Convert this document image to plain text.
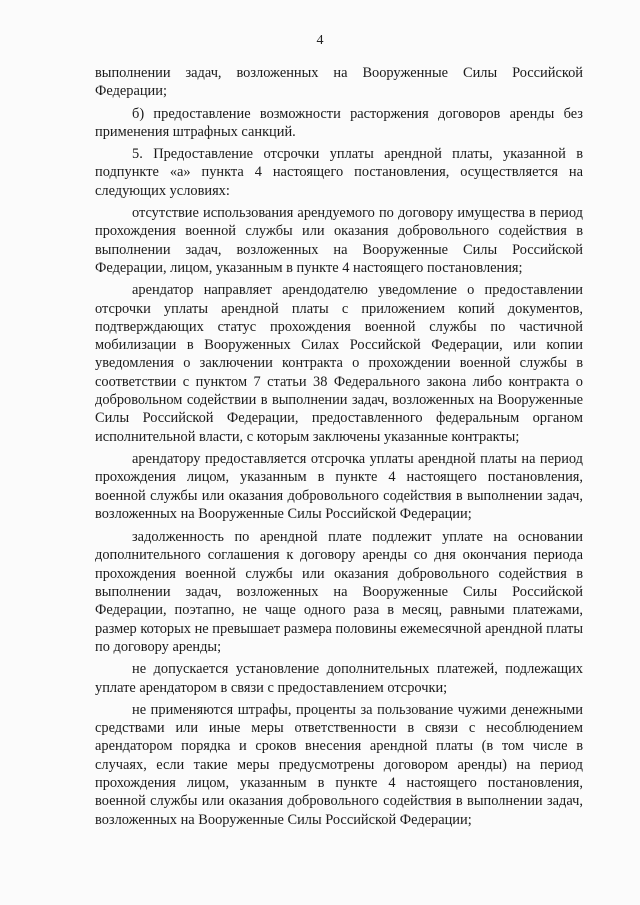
4

выполнении задач, возложенных на Вооруженные Силы Российской Федерации;

б) предоставление возможности расторжения договоров аренды без применения штрафных санкций.

5. Предоставление отсрочки уплаты арендной платы, указанной в подпункте «а» пункта 4 настоящего постановления, осуществляется на следующих условиях:

отсутствие использования арендуемого по договору имущества в период прохождения военной службы или оказания добровольного содействия в выполнении задач, возложенных на Вооруженные Силы Российской Федерации, лицом, указанным в пункте 4 настоящего постановления;

арендатор направляет арендодателю уведомление о предоставлении отсрочки уплаты арендной платы с приложением копий документов, подтверждающих статус прохождения военной службы по частичной мобилизации в Вооруженных Силах Российской Федерации, или копии уведомления о заключении контракта о прохождении военной службы в соответствии с пунктом 7 статьи 38 Федерального закона либо контракта о добровольном содействии в выполнении задач, возложенных на Вооруженные Силы Российской Федерации, предоставленного федеральным органом исполнительной власти, с которым заключены указанные контракты;

арендатору предоставляется отсрочка уплаты арендной платы на период прохождения лицом, указанным в пункте 4 настоящего постановления, военной службы или оказания добровольного содействия в выполнении задач, возложенных на Вооруженные Силы Российской Федерации;

задолженность по арендной плате подлежит уплате на основании дополнительного соглашения к договору аренды со дня окончания периода прохождения военной службы или оказания добровольного содействия в выполнении задач, возложенных на Вооруженные Силы Российской Федерации, поэтапно, не чаще одного раза в месяц, равными платежами, размер которых не превышает размера половины ежемесячной арендной платы по договору аренды;

не допускается установление дополнительных платежей, подлежащих уплате арендатором в связи с предоставлением отсрочки;

не применяются штрафы, проценты за пользование чужими денежными средствами или иные меры ответственности в связи с несоблюдением арендатором порядка и сроков внесения арендной платы (в том числе в случаях, если такие меры предусмотрены договором аренды) на период прохождения лицом, указанным в пункте 4 настоящего постановления, военной службы или оказания добровольного содействия в выполнении задач, возложенных на Вооруженные Силы Российской Федерации;
